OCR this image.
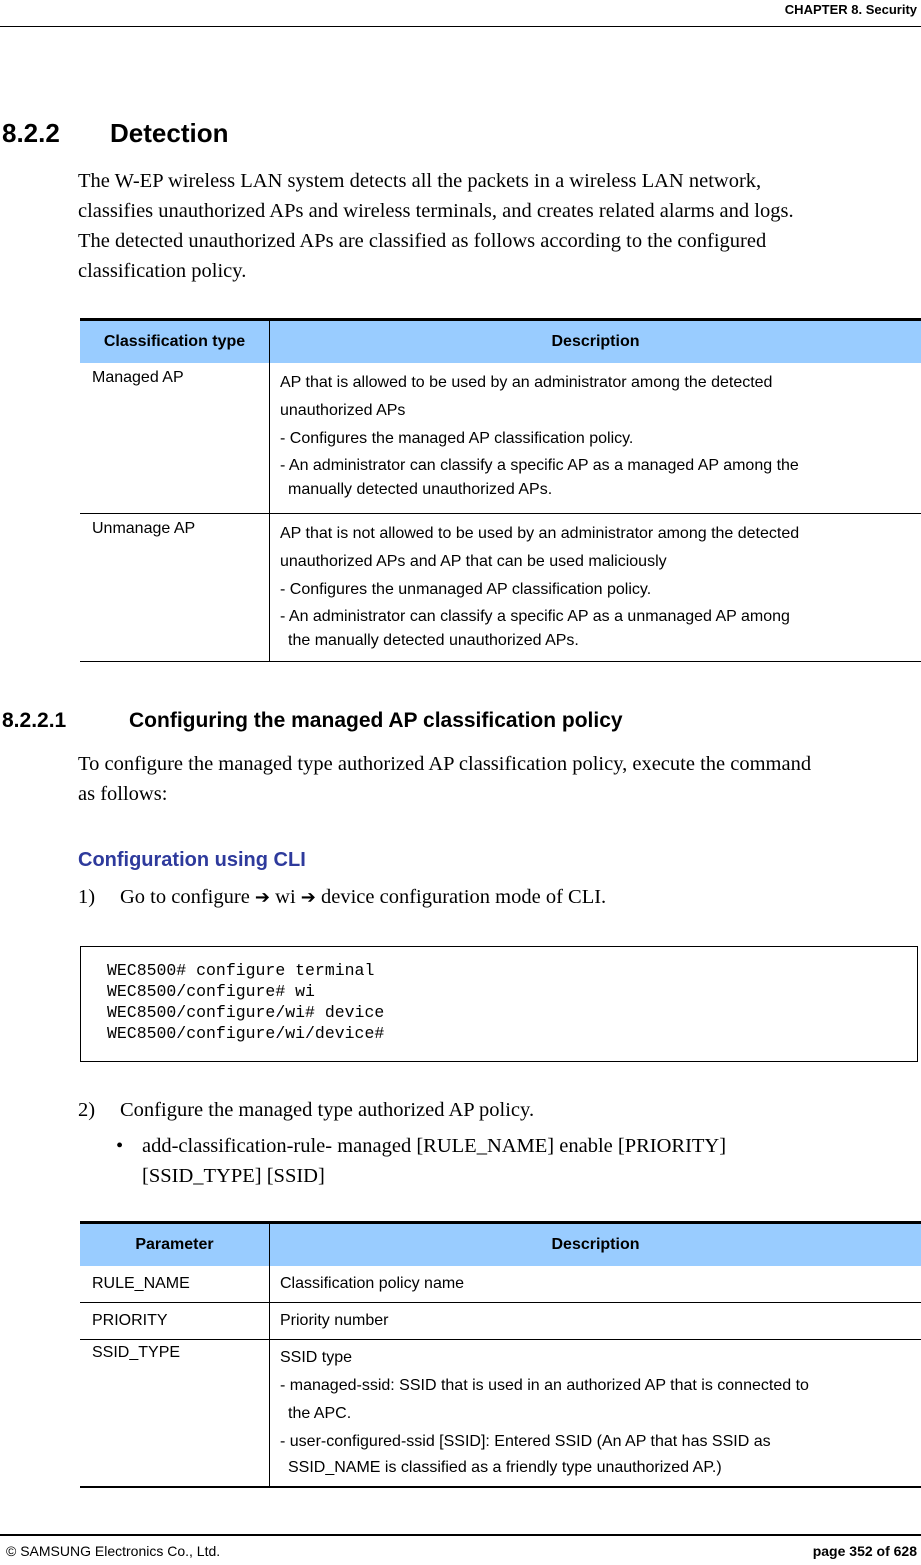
CHAPTER 8. Security
8.2.2 Detection
The W-EP wireless LAN system detects all the packets in a wireless LAN network,
classifies unauthorized APs and wireless terminals, and creates related alarms and logs.
The detected unauthorized APs are classified as follows according to the configured
classification policy.
Classification type	Description
Managed AP	AP that is allowed to be used by an administrator among the detected
unauthorized APs
- Configures the managed AP classification policy.
- An administrator can classify a specific AP as a managed AP among the
manually detected unauthorized APs.

Unmanage AP	AP that is not allowed to be used by an administrator among the detected
unauthorized APs and AP that can be used maliciously
- Configures the unmanaged AP classification policy.
- An administrator can classify a specific AP as a unmanaged AP among
the manually detected unauthorized APs.
8.2.2.1	Configuring the managed AP classification policy
To configure the managed type authorized AP classification policy, execute the command
as follows:
Configuration using CLI
1) Go to configure ➔ wi ➔ device configuration mode of CLI.
WEC8500# configure terminal
WEC8500/configure# wi
WEC8500/configure/wi# device
WEC8500/configure/wi/device#
2) Configure the managed type authorized AP policy.
• add-classification-rule- managed [RULE_NAME] enable [PRIORITY]
[SSID_TYPE] [SSID]
Parameter	Description
RULE_NAME	Classification policy name
PRIORITY	Priority number
SSID_TYPE	SSID type
- managed-ssid: SSID that is used in an authorized AP that is connected to
the APC.
- user-configured-ssid [SSID]: Entered SSID (An AP that has SSID as
SSID_NAME is classified as a friendly type unauthorized AP.)
© SAMSUNG Electronics Co., Ltd.	page 352 of 628
